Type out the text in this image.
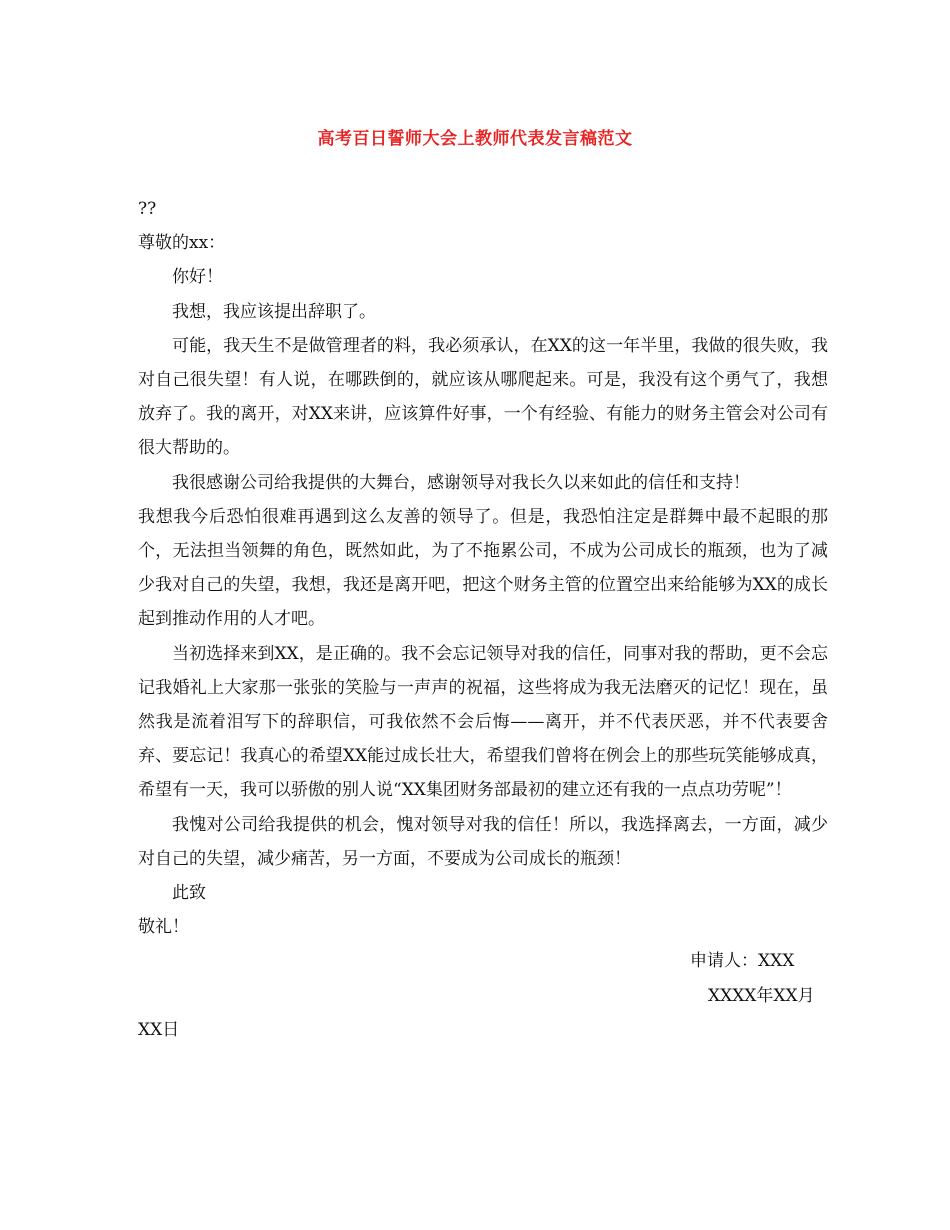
高考百日誓师大会上教师代表发言稿范文

??

尊敬的xx：

你好！

我想，我应该提出辞职了。

可能，我天生不是做管理者的料，我必须承认，在XX的这一年半里，我做的很失败，我对自己很失望！有人说，在哪跌倒的，就应该从哪爬起来。可是，我没有这个勇气了，我想放弃了。我的离开，对XX来讲，应该算件好事，一个有经验、有能力的财务主管会对公司有很大帮助的。

我很感谢公司给我提供的大舞台，感谢领导对我长久以来如此的信任和支持！

我想我今后恐怕很难再遇到这么友善的领导了。但是，我恐怕注定是群舞中最不起眼的那个，无法担当领舞的角色，既然如此，为了不拖累公司，不成为公司成长的瓶颈，也为了减少我对自己的失望，我想，我还是离开吧，把这个财务主管的位置空出来给能够为XX的成长起到推动作用的人才吧。

当初选择来到XX，是正确的。我不会忘记领导对我的信任，同事对我的帮助，更不会忘记我婚礼上大家那一张张的笑脸与一声声的祝福，这些将成为我无法磨灭的记忆！现在，虽然我是流着泪写下的辞职信，可我依然不会后悔——离开，并不代表厌恶，并不代表要舍弃、要忘记！我真心的希望XX能过成长壮大，希望我们曾将在例会上的那些玩笑能够成真，希望有一天，我可以骄傲的别人说“XX集团财务部最初的建立还有我的一点点功劳呢”！

我愧对公司给我提供的机会，愧对领导对我的信任！所以，我选择离去，一方面，减少对自己的失望，减少痛苦，另一方面，不要成为公司成长的瓶颈！

此致

敬礼！

申请人：XXX

XXXX年XX月

XX日
